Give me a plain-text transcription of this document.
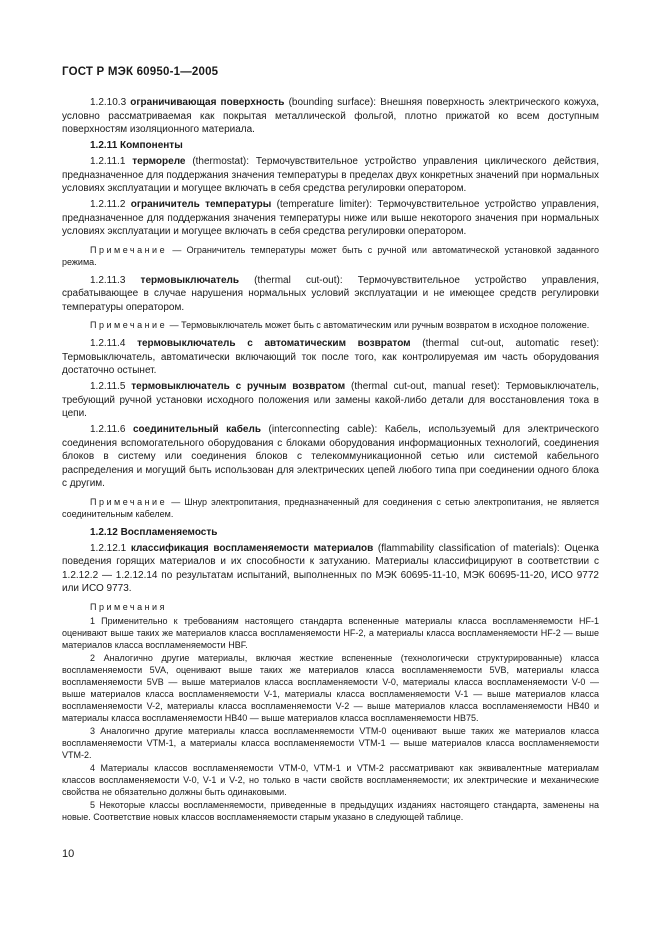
ГОСТ Р МЭК 60950-1—2005

1.2.10.3 ограничивающая поверхность (bounding surface): Внешняя поверхность электрического кожуха, условно рассматриваемая как покрытая металлической фольгой, плотно прижатой ко всем доступным поверхностям изоляционного материала.

1.2.11 Компоненты

1.2.11.1 термореле (thermostat): Термочувствительное устройство управления циклического действия, предназначенное для поддержания значения температуры в пределах двух конкретных значений при нормальных условиях эксплуатации и могущее включать в себя средства регулировки оператором.

1.2.11.2 ограничитель температуры (temperature limiter): Термочувствительное устройство управления, предназначенное для поддержания значения температуры ниже или выше некоторого значения при нормальных условиях эксплуатации и могущее включать в себя средства регулировки оператором.

Примечание — Ограничитель температуры может быть с ручной или автоматической установкой заданного режима.

1.2.11.3 термовыключатель (thermal cut-out): Термочувствительное устройство управления, срабатывающее в случае нарушения нормальных условий эксплуатации и не имеющее средств регулировки температуры оператором.

Примечание — Термовыключатель может быть с автоматическим или ручным возвратом в исходное положение.

1.2.11.4 термовыключатель с автоматическим возвратом (thermal cut-out, automatic reset): Термовыключатель, автоматически включающий ток после того, как контролируемая им часть оборудования достаточно остынет.

1.2.11.5 термовыключатель с ручным возвратом (thermal cut-out, manual reset): Термовыключатель, требующий ручной установки исходного положения или замены какой-либо детали для восстановления тока в цепи.

1.2.11.6 соединительный кабель (interconnecting cable): Кабель, используемый для электрического соединения вспомогательного оборудования с блоками оборудования информационных технологий, соединения блоков в систему или соединения блоков с телекоммуникационной сетью или системой кабельного распределения и могущий быть использован для электрических цепей любого типа при соединении одного блока с другим.

Примечание — Шнур электропитания, предназначенный для соединения с сетью электропитания, не является соединительным кабелем.

1.2.12 Воспламеняемость

1.2.12.1 классификация воспламеняемости материалов (flammability classification of materials): Оценка поведения горящих материалов и их способности к затуханию. Материалы классифицируют в соответствии с 1.2.12.2 — 1.2.12.14 по результатам испытаний, выполненных по МЭК 60695-11-10, МЭК 60695-11-20, ИСО 9772 или ИСО 9773.

Примечания

1 Применительно к требованиям настоящего стандарта вспененные материалы класса воспламеняемости HF-1 оценивают выше таких же материалов класса воспламеняемости HF-2, а материалы класса воспламеняемости HF-2 — выше материалов класса воспламеняемости HBF.

2 Аналогично другие материалы, включая жесткие вспененные (технологически структурированные) класса воспламеняемости 5VA, оценивают выше таких же материалов класса воспламеняемости 5VB, материалы класса воспламеняемости 5VB — выше материалов класса воспламеняемости V-0, материалы класса воспламеняемости V-0 — выше материалов класса воспламеняемости V-1, материалы класса воспламеняемости V-1 — выше материалов класса воспламеняемости V-2, материалы класса воспламеняемости V-2 — выше материалов класса воспламеняемости HB40 и материалы класса воспламеняемости HB40 — выше материалов класса воспламеняемости HB75.

3 Аналогично другие материалы класса воспламеняемости VTM-0 оценивают выше таких же материалов класса воспламеняемости VTM-1, а материалы класса воспламеняемости VTM-1 — выше материалов класса воспламеняемости VTM-2.

4 Материалы классов воспламеняемости VTM-0, VTM-1 и VTM-2 рассматривают как эквивалентные материалам классов воспламеняемости V-0, V-1 и V-2, но только в части свойств воспламеняемости; их электрические и механические свойства не обязательно должны быть одинаковыми.

5 Некоторые классы воспламеняемости, приведенные в предыдущих изданиях настоящего стандарта, заменены на новые. Соответствие новых классов воспламеняемости старым указано в следующей таблице.

10
